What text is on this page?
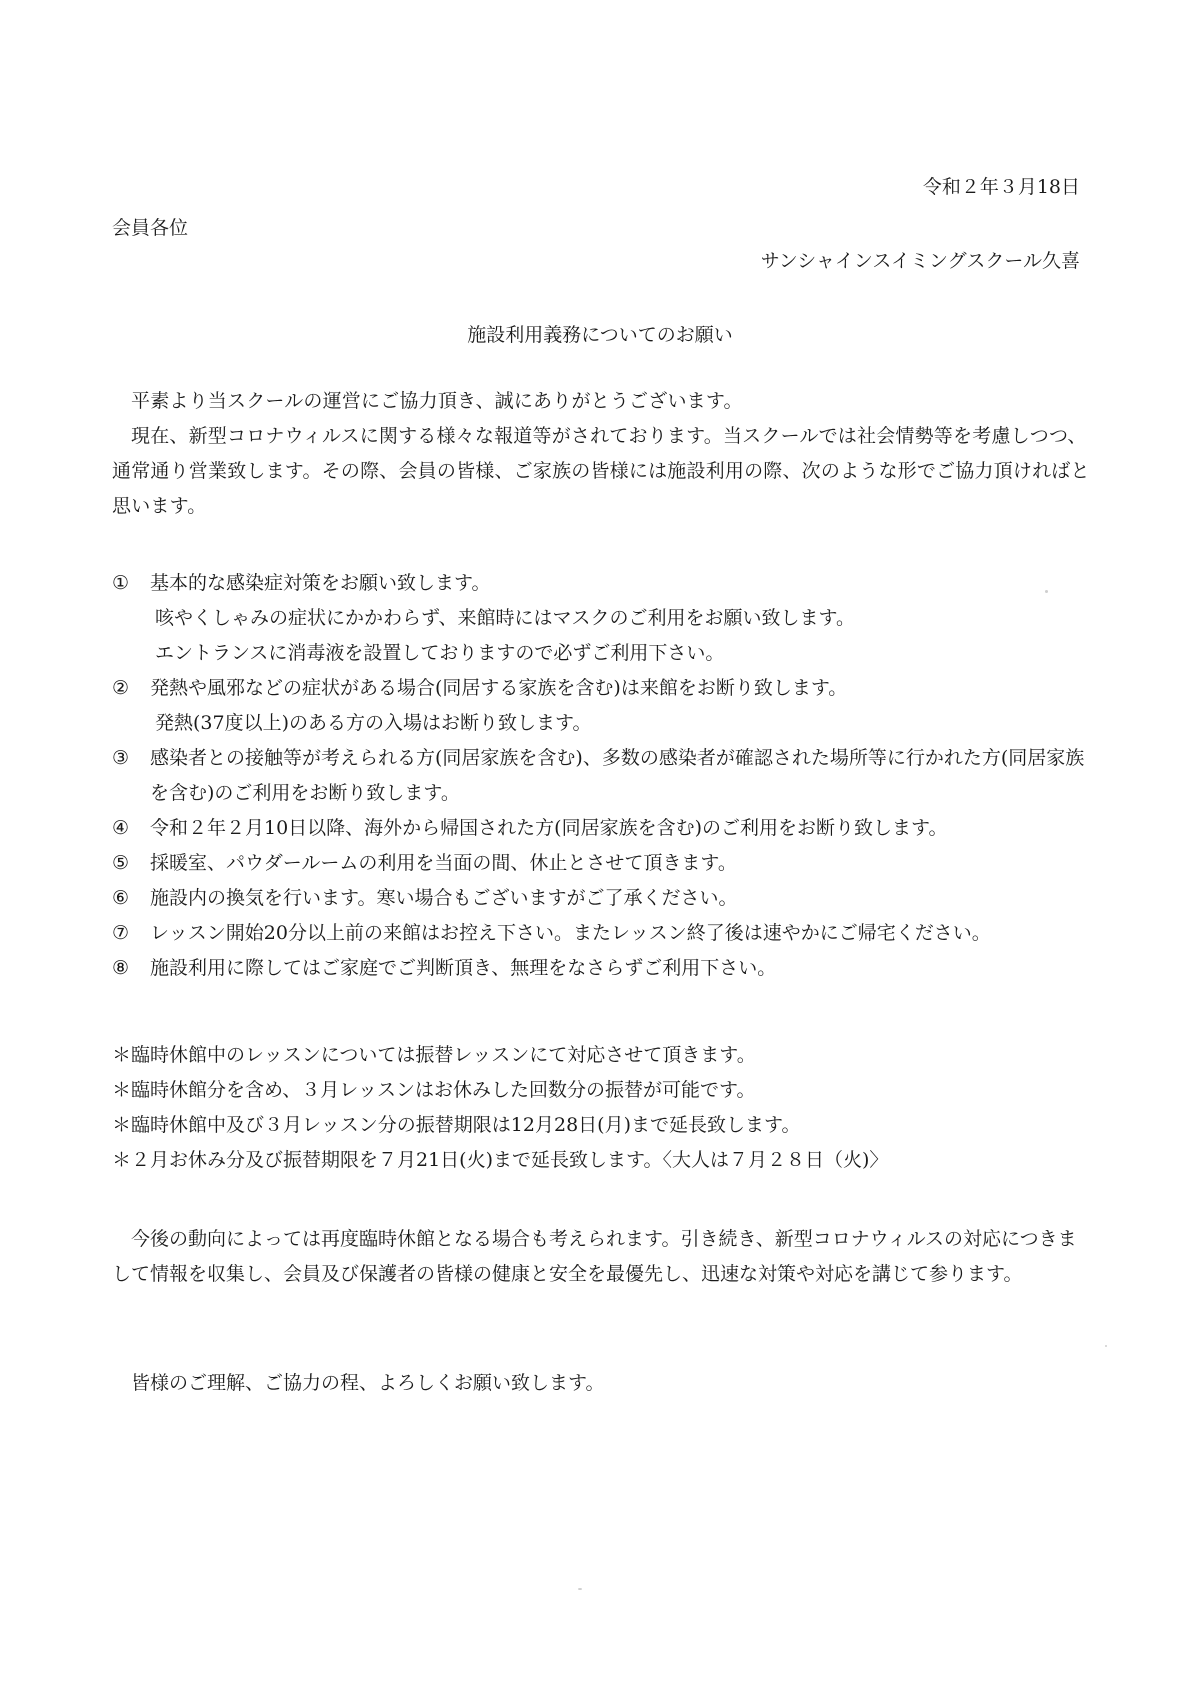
令和２年３月18日
会員各位
サンシャインスイミングスクール久喜
施設利用義務についてのお願い

平素より当スクールの運営にご協力頂き、誠にありがとうございます。

現在、新型コロナウィルスに関する様々な報道等がされております。当スクールでは社会情勢等を考慮しつつ、通常通り営業致します。その際、会員の皆様、ご家族の皆様には施設利用の際、次のような形でご協力頂ければと思います。

①	基本的な感染症対策をお願い致します。
咳やくしゃみの症状にかかわらず、来館時にはマスクのご利用をお願い致します。
エントランスに消毒液を設置しておりますので必ずご利用下さい。
②	発熱や風邪などの症状がある場合(同居する家族を含む)は来館をお断り致します。
発熱(37度以上)のある方の入場はお断り致します。
③	感染者との接触等が考えられる方(同居家族を含む)、多数の感染者が確認された場所等に行かれた方(同居家族を含む)のご利用をお断り致します。
④	令和２年２月10日以降、海外から帰国された方(同居家族を含む)のご利用をお断り致します。
⑤	採暖室、パウダールームの利用を当面の間、休止とさせて頂きます。
⑥	施設内の換気を行います。寒い場合もございますがご了承ください。
⑦	レッスン開始20分以上前の来館はお控え下さい。またレッスン終了後は速やかにご帰宅ください。
⑧	施設利用に際してはご家庭でご判断頂き、無理をなさらずご利用下さい。

＊臨時休館中のレッスンについては振替レッスンにて対応させて頂きます。

＊臨時休館分を含め、３月レッスンはお休みした回数分の振替が可能です。

＊臨時休館中及び３月レッスン分の振替期限は12月28日(月)まで延長致します。

＊２月お休み分及び振替期限を７月21日(火)まで延長致します。〈大人は７月２８日（火)〉

今後の動向によっては再度臨時休館となる場合も考えられます。引き続き、新型コロナウィルスの対応につきまして情報を収集し、会員及び保護者の皆様の健康と安全を最優先し、迅速な対策や対応を講じて参ります。

皆様のご理解、ご協力の程、よろしくお願い致します。
